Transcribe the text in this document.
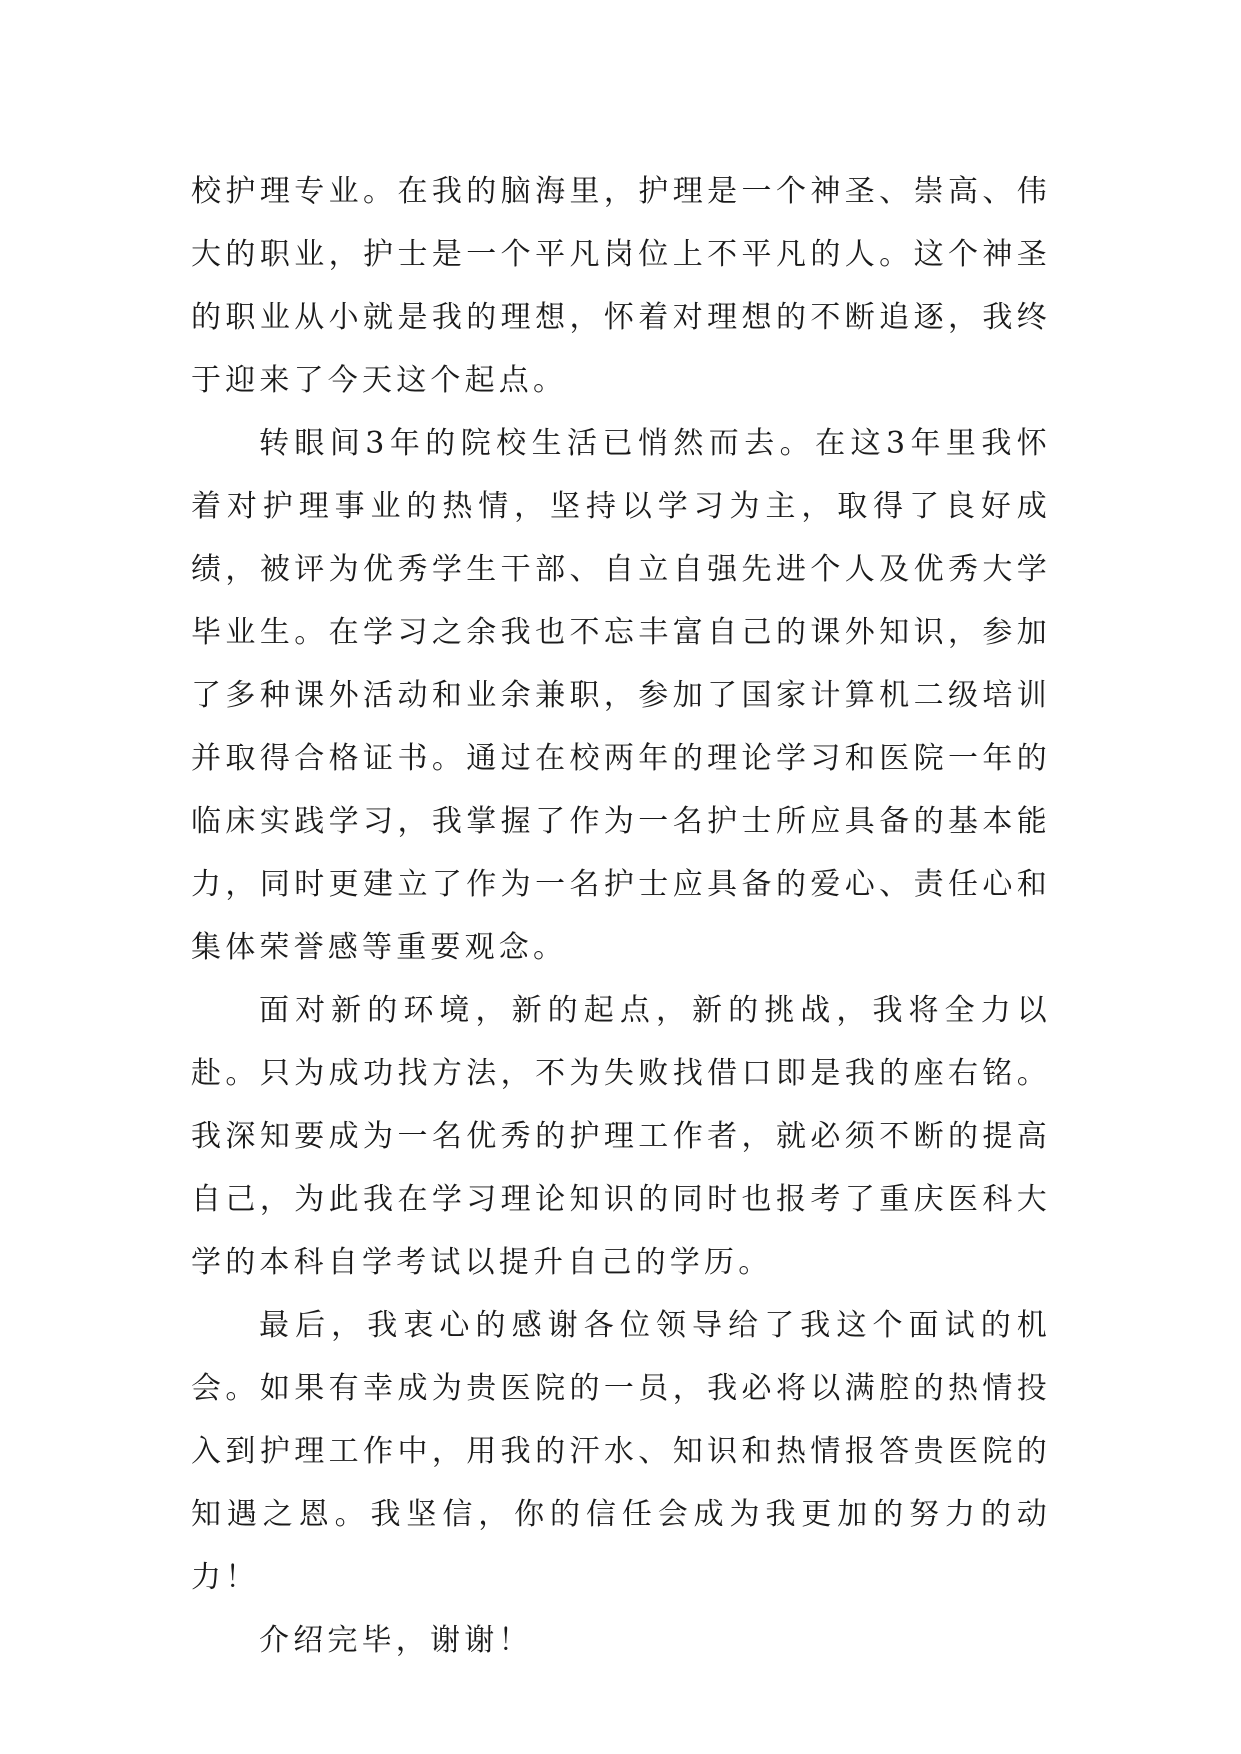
校护理专业。在我的脑海里，护理是一个神圣、崇高、伟大的职业，护士是一个平凡岗位上不平凡的人。这个神圣的职业从小就是我的理想，怀着对理想的不断追逐，我终于迎来了今天这个起点。

转眼间3年的院校生活已悄然而去。在这3年里我怀着对护理事业的热情，坚持以学习为主，取得了良好成绩，被评为优秀学生干部、自立自强先进个人及优秀大学毕业生。在学习之余我也不忘丰富自己的课外知识，参加了多种课外活动和业余兼职，参加了国家计算机二级培训并取得合格证书。通过在校两年的理论学习和医院一年的临床实践学习，我掌握了作为一名护士所应具备的基本能力，同时更建立了作为一名护士应具备的爱心、责任心和集体荣誉感等重要观念。

面对新的环境，新的起点，新的挑战，我将全力以赴。只为成功找方法，不为失败找借口即是我的座右铭。我深知要成为一名优秀的护理工作者，就必须不断的提高自己，为此我在学习理论知识的同时也报考了重庆医科大学的本科自学考试以提升自己的学历。

最后，我衷心的感谢各位领导给了我这个面试的机会。如果有幸成为贵医院的一员，我必将以满腔的热情投入到护理工作中，用我的汗水、知识和热情报答贵医院的知遇之恩。我坚信，你的信任会成为我更加的努力的动力！

介绍完毕，谢谢！
